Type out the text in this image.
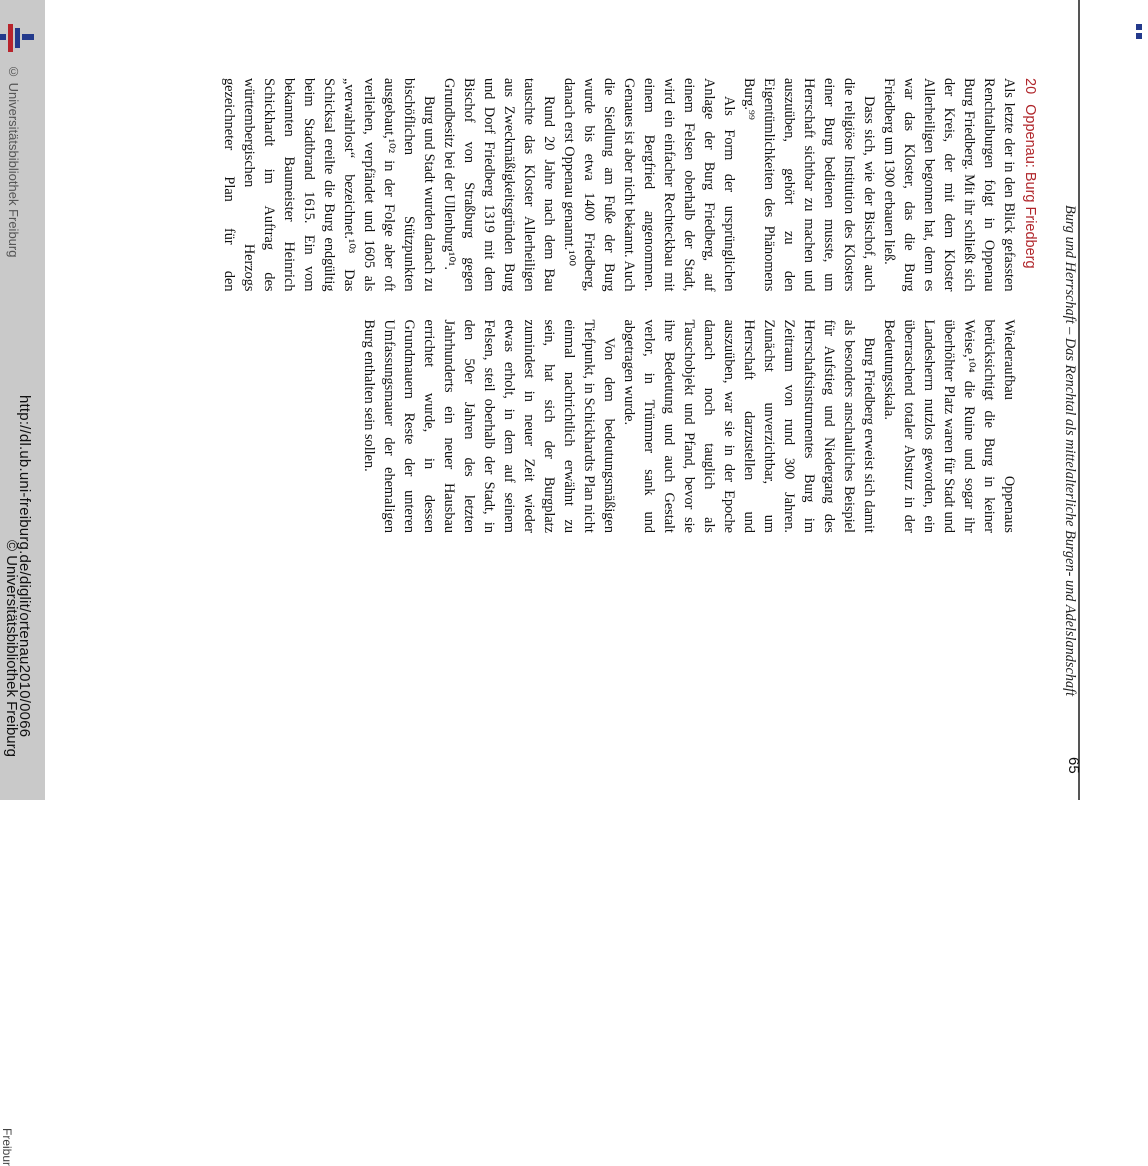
© Universitätsbibliothek Freiburg
Burg und Herrschaft – Das Renchtal als mittelalterliche Burgen- und Adelslandschaft
65
20Oppenau: Burg Friedberg

Als letzte der in den Blick gefassten Renchtalburgen folgt in Oppenau Burg Friedberg. Mit ihr schließt sich der Kreis, der mit dem Kloster Allerheiligen begonnen hat, denn es war das Kloster, das die Burg Friedberg um 1300 erbauen ließ.

Dass sich, wie der Bischof, auch die religiöse Institution des Klosters einer Burg bedienen musste, um Herrschaft sichtbar zu machen und auszuüben, gehört zu den Eigentümlichkeiten des Phänomens Burg.⁹⁹

Als Form der ursprünglichen Anlage der Burg Friedberg, auf einem Felsen oberhalb der Stadt, wird ein einfacher Rechteckbau mit einem Bergfried angenommen. Genaues ist aber nicht bekannt. Auch die Siedlung am Fuße der Burg wurde bis etwa 1400 Friedberg, danach erst Oppenau genannt.¹⁰⁰

Rund 20 Jahre nach dem Bau tauschte das Kloster Allerheiligen aus Zweckmäßigkeitsgründen Burg und Dorf Friedberg 1319 mit dem Bischof von Straßburg gegen Grundbesitz bei der Ullenburg¹⁰¹.

Burg und Stadt wurden danach zu bischöflichen Stützpunkten ausgebaut,¹⁰² in der Folge aber oft verliehen, verpfändet und 1605 als „verwahrlost“ bezeichnet.¹⁰³ Das Schicksal ereilte die Burg endgültig beim Stadtbrand 1615. Ein vom bekannten Baumeister Heinrich Schickhardt im Auftrag des württembergischen Herzogs gezeichneter Plan für den Wiederaufbau Oppenaus berücksichtigt die Burg in keiner Weise,¹⁰⁴ die Ruine und sogar ihr überhöhter Platz waren für Stadt und Landesherrn nutzlos geworden, ein überraschend totaler Absturz in der Bedeutungsskala.

Burg Friedberg erweist sich damit als besonders anschauliches Beispiel für Aufstieg und Niedergang des Herrschaftsinstrumentes Burg im Zeitraum von rund 300 Jahren. Zunächst unverzichtbar, um Herrschaft darzustellen und auszuüben, war sie in der Epoche danach noch tauglich als Tauschobjekt und Pfand, bevor sie ihre Bedeutung und auch Gestalt verlor, in Trümmer sank und abgetragen wurde.

Von dem bedeutungsmäßigen Tiefpunkt, in Schickhardts Plan nicht einmal nachrichtlich erwähnt zu sein, hat sich der Burgplatz zumindest in neuer Zeit wieder etwas erholt, in dem auf seinem Felsen, steil oberhalb der Stadt, in den 50er Jahren des letzten Jahrhunderts ein neuer Hausbau errichtet wurde, in dessen Grundmauern Reste der unteren Umfassungsmauer der ehemaligen Burg enthalten sein sollen.

http://dl.ub.uni-freiburg.de/diglit/ortenau2010/0066
© Universitätsbibliothek Freiburg
Freibur
